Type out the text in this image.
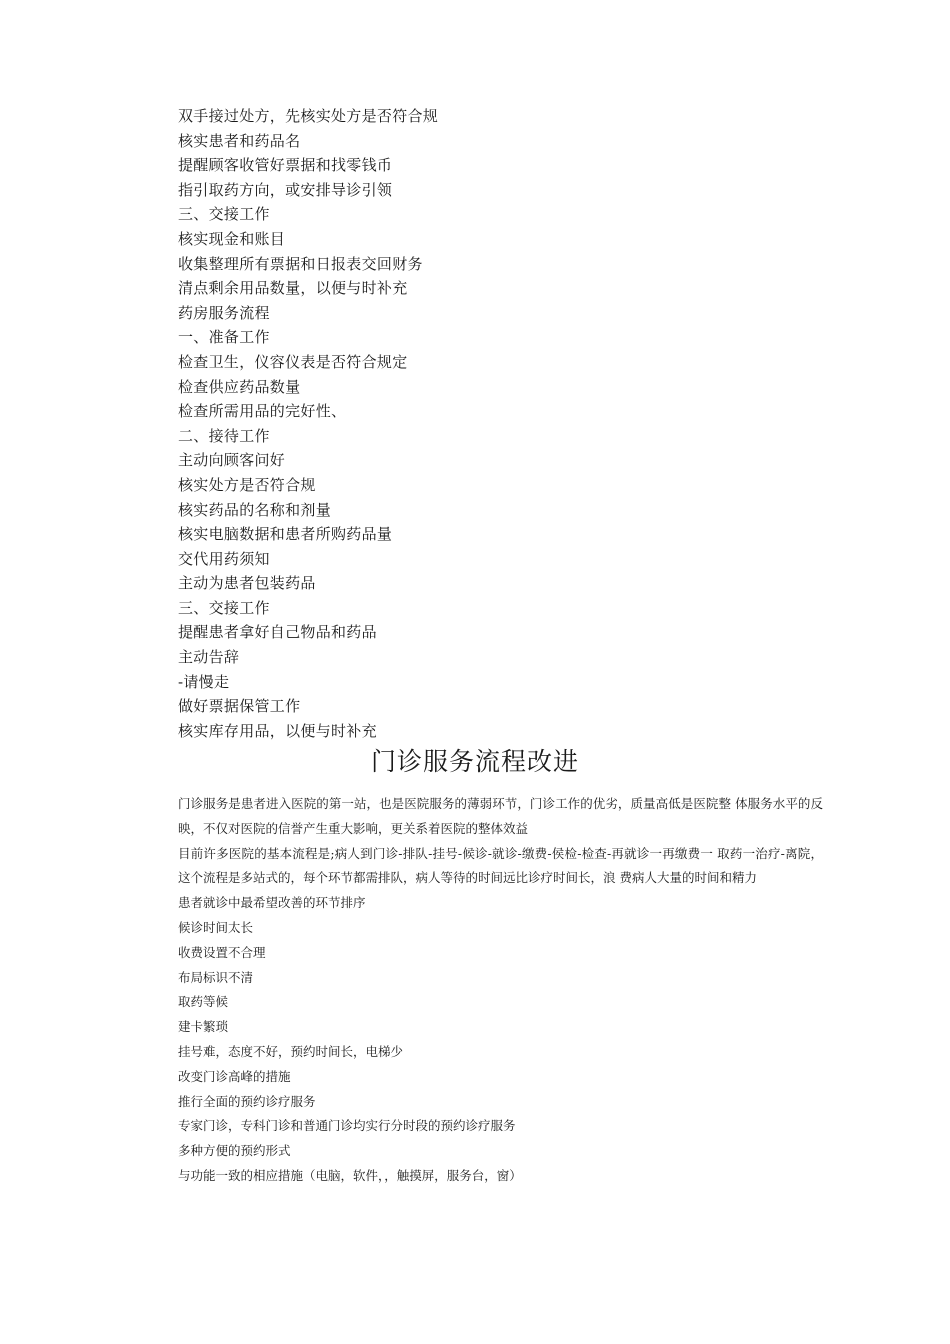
双手接过处方，先核实处方是否符合规
核实患者和药品名
提醒顾客收管好票据和找零钱币
指引取药方向，或安排导诊引领
三、交接工作
核实现金和账目
收集整理所有票据和日报表交回财务
清点剩余用品数量，以便与时补充
药房服务流程
一、准备工作
检查卫生，仪容仪表是否符合规定
检查供应药品数量
检查所需用品的完好性、
二、接待工作
主动向顾客问好
核实处方是否符合规
核实药品的名称和剂量
核实电脑数据和患者所购药品量
交代用药须知
主动为患者包装药品
三、交接工作
提醒患者拿好自己物品和药品
主动告辞
-请慢走
做好票据保管工作
核实库存用品，以便与时补充
门诊服务流程改进

门诊服务是患者进入医院的第一站，也是医院服务的薄弱环节，门诊工作的优劣，质量高低是医院整 体服务水平的反映，不仅对医院的信誉产生重大影响，更关系着医院的整体效益

目前许多医院的基本流程是;病人到门诊-排队-挂号-候诊-就诊-缴费-侯检-检查-再就诊一再缴费一 取药一治疗-离院，这个流程是多站式的，每个环节都需排队，病人等待的时间远比诊疗时间长，浪 费病人大量的时间和精力

患者就诊中最希望改善的环节排序
候诊时间太长
收费设置不合理
布局标识不清
取药等候
建卡繁琐
挂号难，态度不好，预约时间长，电梯少
改变门诊高峰的措施
推行全面的预约诊疗服务
专家门诊，专科门诊和普通门诊均实行分时段的预约诊疗服务
多种方便的预约形式
与功能一致的相应措施（电脑，软件，，触摸屏，服务台，窗）
